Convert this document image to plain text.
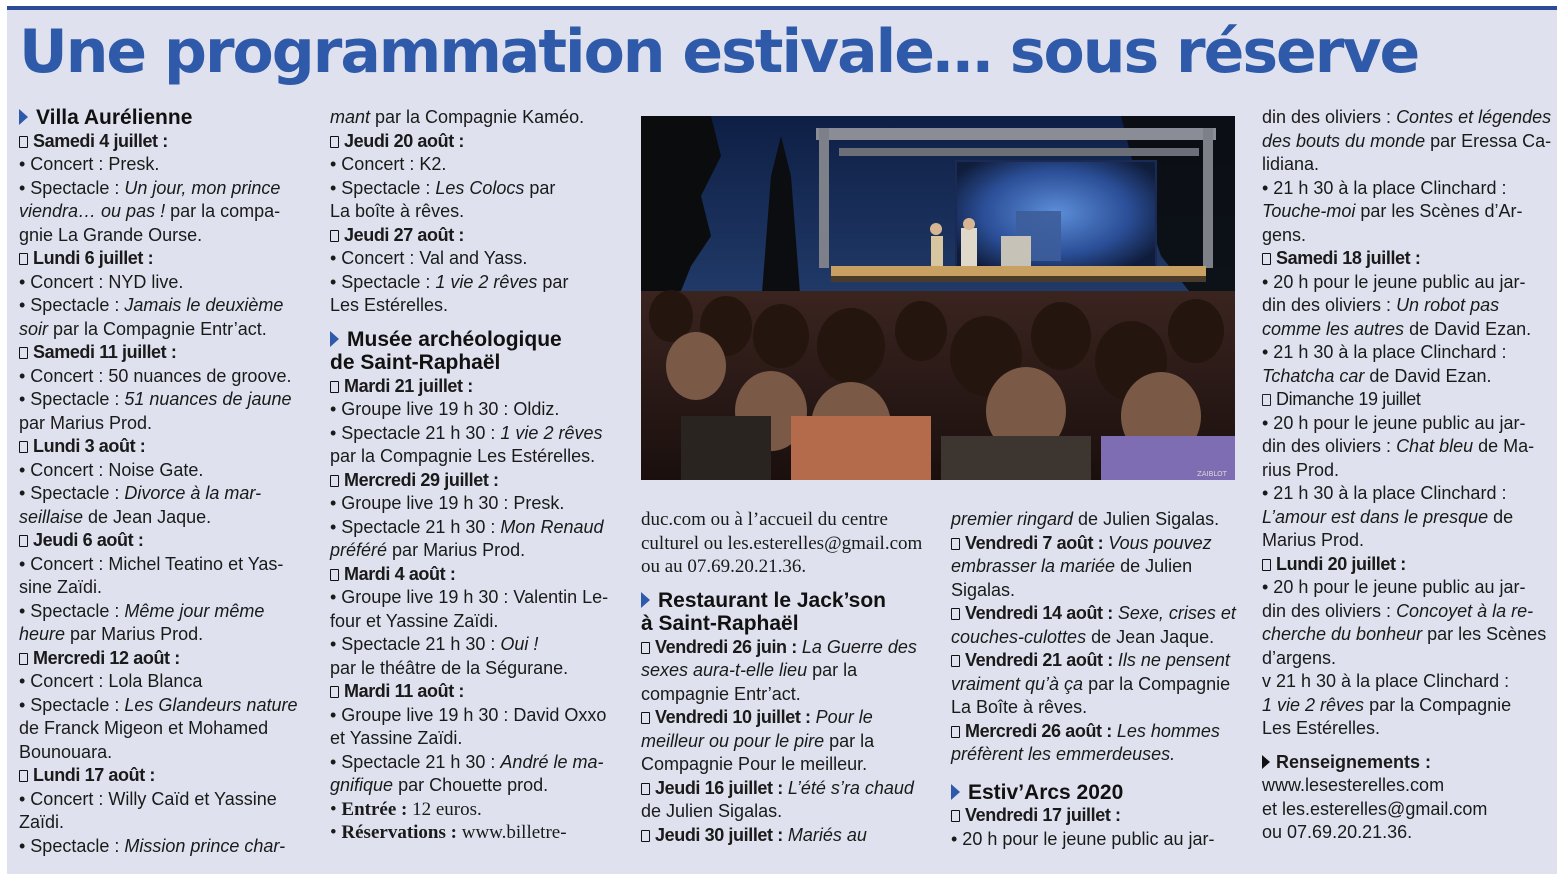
Une programmation estivale… sous réserve
Villa Aurélienne
Samedi 4 juillet :
• Concert : Presk.
• Spectacle : Un jour, mon prince
viendra… ou pas ! par la compa-
gnie La Grande Ourse.
Lundi 6 juillet :
• Concert : NYD live.
• Spectacle : Jamais le deuxième
soir par la Compagnie Entr’act.
Samedi 11 juillet :
• Concert : 50 nuances de groove.
• Spectacle : 51 nuances de jaune
par Marius Prod.
Lundi 3 août :
• Concert : Noise Gate.
• Spectacle : Divorce à la mar-
seillaise de Jean Jaque.
Jeudi 6 août :
• Concert : Michel Teatino et Yas-
sine Zaïdi.
• Spectacle : Même jour même
heure par Marius Prod.
Mercredi 12 août :
• Concert : Lola Blanca
• Spectacle : Les Glandeurs nature
de Franck Migeon et Mohamed
Bounouara.
Lundi 17 août :
• Concert : Willy Caïd et Yassine
Zaïdi.
• Spectacle : Mission prince char-
mant par la Compagnie Kaméo.
Jeudi 20 août :
• Concert : K2.
• Spectacle : Les Colocs par
La boîte à rêves.
Jeudi 27 août :
• Concert : Val and Yass.
• Spectacle : 1 vie 2 rêves par
Les Estérelles.
Musée archéologique
de Saint-Raphaël
Mardi 21 juillet :
• Groupe live 19 h 30 : Oldiz.
• Spectacle 21 h 30 : 1 vie 2 rêves
par la Compagnie Les Estérelles.
Mercredi 29 juillet :
• Groupe live 19 h 30 : Presk.
• Spectacle 21 h 30 : Mon Renaud
préféré par Marius Prod.
Mardi 4 août :
• Groupe live 19 h 30 : Valentin Le-
four et Yassine Zaïdi.
• Spectacle 21 h 30 : Oui !
par le théâtre de la Ségurane.
Mardi 11 août :
• Groupe live 19 h 30 : David Oxxo
et Yassine Zaïdi.
• Spectacle 21 h 30 : André le ma-
gnifique par Chouette prod.
• Entrée : 12 euros.
• Réservations : www.billetre-
ZAIBLOT
duc.com ou à l’accueil du centre
culturel ou les.esterelles@gmail.com
ou au 07.69.20.21.36.
Restaurant le Jack’son
à Saint-Raphaël
Vendredi 26 juin : La Guerre des
sexes aura-t-elle lieu par la
compagnie Entr’act.
Vendredi 10 juillet : Pour le
meilleur ou pour le pire par la
Compagnie Pour le meilleur.
Jeudi 16 juillet : L’été s’ra chaud
de Julien Sigalas.
Jeudi 30 juillet : Mariés au
premier ringard de Julien Sigalas.
Vendredi 7 août : Vous pouvez
embrasser la mariée de Julien
Sigalas.
Vendredi 14 août : Sexe, crises et
couches-culottes de Jean Jaque.
Vendredi 21 août : Ils ne pensent
vraiment qu’à ça par la Compagnie
La Boîte à rêves.
Mercredi 26 août : Les hommes
préfèrent les emmerdeuses.
Estiv’Arcs 2020
Vendredi 17 juillet :
• 20 h pour le jeune public au jar-
din des oliviers : Contes et légendes
des bouts du monde par Eressa Ca-
lidiana.
• 21 h 30 à la place Clinchard :
Touche-moi par les Scènes d’Ar-
gens.
Samedi 18 juillet :
• 20 h pour le jeune public au jar-
din des oliviers : Un robot pas
comme les autres de David Ezan.
• 21 h 30 à la place Clinchard :
Tchatcha car de David Ezan.
Dimanche 19 juillet
• 20 h pour le jeune public au jar-
din des oliviers : Chat bleu de Ma-
rius Prod.
• 21 h 30 à la place Clinchard :
L’amour est dans le presque de
Marius Prod.
Lundi 20 juillet :
• 20 h pour le jeune public au jar-
din des oliviers : Concoyet à la re-
cherche du bonheur par les Scènes
d’argens.
v 21 h 30 à la place Clinchard :
1 vie 2 rêves par la Compagnie
Les Estérelles.
Renseignements :
www.lesesterelles.com
et les.esterelles@gmail.com
ou 07.69.20.21.36.
